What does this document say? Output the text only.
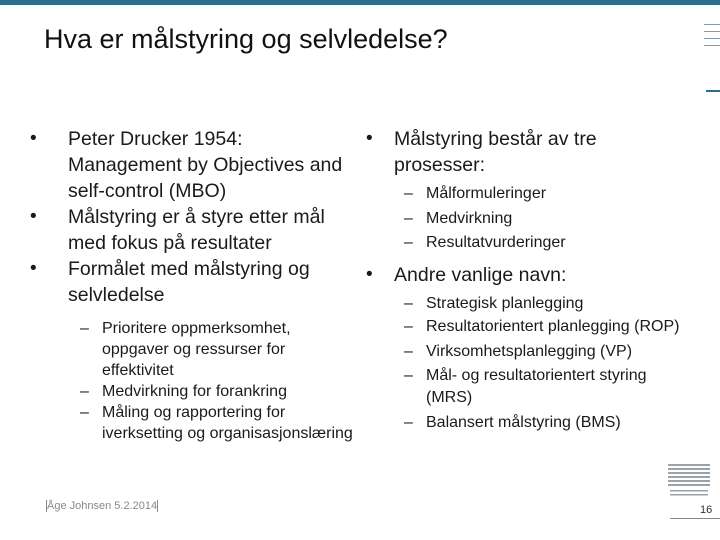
Hva er målstyring og selvledelse?
• Peter Drucker 1954: Management by Objectives and self-control (MBO)
• Målstyring er å styre etter mål med fokus på resultater
• Formålet med målstyring og selvledelse
– Prioritere oppmerksomhet, oppgaver og ressurser for effektivitet
– Medvirkning for forankring
– Måling og rapportering for iverksetting og organisasjonslæring
• Målstyring består av tre prosesser:
– Målformuleringer
– Medvirkning
– Resultatvurderinger
• Andre vanlige navn:
– Strategisk planlegging
– Resultatorientert planlegging (ROP)
– Virksomhetsplanlegging (VP)
– Mål- og resultatorientert styring (MRS)
– Balansert målstyring (BMS)
Åge Johnsen 5.2.2014	16
